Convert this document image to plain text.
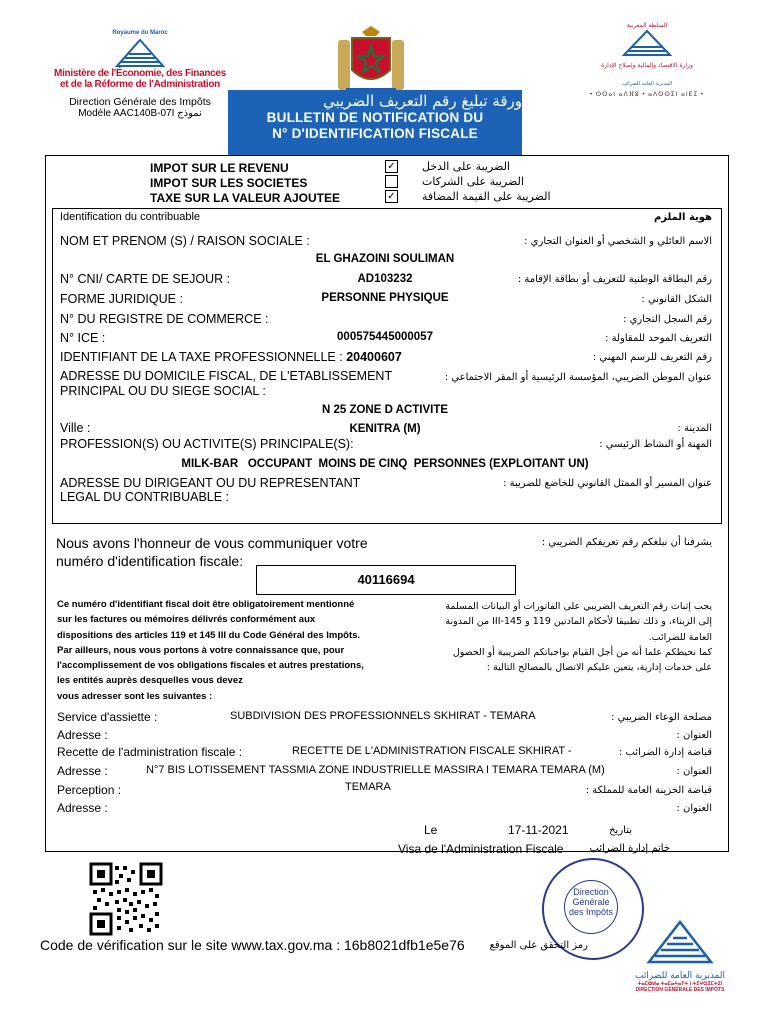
Royaume du Maroc
Ministère de l'Économie, des Finances
et de la Réforme de l'Administration
Direction Générale des Impôts
Modèle AAC140B-07I نموذج
ورقة تبليغ رقم التعريف الضريبي
BULLETIN DE NOTIFICATION DU
N° D'IDENTIFICATION FISCALE
السلطة المغربية
وزارة الاقتصاد والمالية وإصلاح الإدارة
المديرية العامة للضرائب
• ⵙⵙⴰⵏ ⴰⴷⴼⵓ • ⴰⴷⵙⵙⵉⵏ ⴰⵏⴹⵉ •
IMPOT SUR LE REVENU	✓ الضريبة على الدخل
IMPOT SUR LES SOCIETES	الضريبة على الشركات
TAXE SUR LA VALEUR AJOUTEE	✓ الضريبة على القيمة المضافة
Identification du contribuable	هوية الملزم
NOM ET PRENOM (S) / RAISON SOCIALE :	الاسم العائلي و الشخصي أو العنوان التجاري :
EL GHAZOINI SOULIMAN
N° CNI/ CARTE DE SEJOUR :	AD103232	رقم البطاقة الوطنية للتعريف أو بطاقة الإقامة :
FORME JURIDIQUE :	PERSONNE PHYSIQUE	الشكل القانوني :
N° DU REGISTRE DE COMMERCE :	رقم السجل التجاري :
N° ICE :	000575445000057	التعريف الموحد للمقاولة :
IDENTIFIANT DE LA TAXE PROFESSIONNELLE : 20400607	رقم التعريف للرسم المهني :
ADRESSE DU DOMICILE FISCAL, DE L'ETABLISSEMENT
PRINCIPAL OU DU SIEGE SOCIAL :
عنوان الموطن الضريبي، المؤسسة الرئيسية أو المقر الاجتماعي :
N 25 ZONE D ACTIVITE
Ville :	KENITRA (M)	المدينة :
PROFESSION(S) OU ACTIVITE(S) PRINCIPALE(S):	المهنة أو النشاط الرئيسي :
MILK-BAR   OCCUPANT  MOINS DE CINQ  PERSONNES (EXPLOITANT UN)
ADRESSE DU DIRIGEANT OU DU REPRESENTANT
LEGAL DU CONTRIBUABLE :
عنوان المسير أو الممثل القانوني للخاضع للضريبة :
Nous avons l'honneur de vous communiquer votre
numéro d'identification fiscale:
يشرفنا أن نبلغكم رقم تعريفكم الضريبي :
40116694
Ce numéro d'identifiant fiscal doit être obligatoirement mentionné
sur les factures ou mémoires délivrés conformément aux
dispositions des articles 119 et 145 III du Code Général des Impôts.
Par ailleurs, nous vous portons à votre connaissance que, pour
l'accomplissement de vos obligations fiscales et autres prestations,
les entités auprès desquelles vous devez
vous adresser sont les suivantes :
يجب إثبات رقم التعريف الضريبي على الفاتورات أو البيانات المسلمة
إلى الزبناء، و ذلك تطبيقا لأحكام المادتين 119 و 145-III من المدونة
العامة للضرائب.
كما نحيطكم علما أنه من أجل القيام بواجباتكم الضريبية أو الحصول
على خدمات إدارية، يتعين عليكم الاتصال بالمصالح التالية :
Service d'assiette :	SUBDIVISION DES PROFESSIONNELS SKHIRAT - TEMARA	مصلحة الوعاء الضريبي :
Adresse :	العنوان :
Recette de l'administration fiscale :	RECETTE DE L'ADMINISTRATION FISCALE SKHIRAT -	قباضة إدارة الضرائب :
Adresse :	N°7 BIS LOTISSEMENT TASSMIA ZONE INDUSTRIELLE MASSIRA I TEMARA TEMARA (M)	العنوان :
Perception :	TEMARA	قباضة الخزينة العامة للمملكة :
Adresse :	العنوان :
Le	17-11-2021	بتاريخ
Visa de l'Administration Fiscale	خاتم إدارة الضرائب
Direction
Générale
des Impôts
Code de vérification sur le site www.tax.gov.ma : 16b8021dfb1e5e76	رمز التحقق على الموقع
المديرية العامة للضرائب
ⵜⴰⵎⵀⵍⴰ ⵜⴰⵎⴰⵜⴰⵢⵜ ⵏ ⵜⵉⵖⵔⵉⵎⵜⵉⵏ
DIRECTION GÉNÉRALE DES IMPÔTS
